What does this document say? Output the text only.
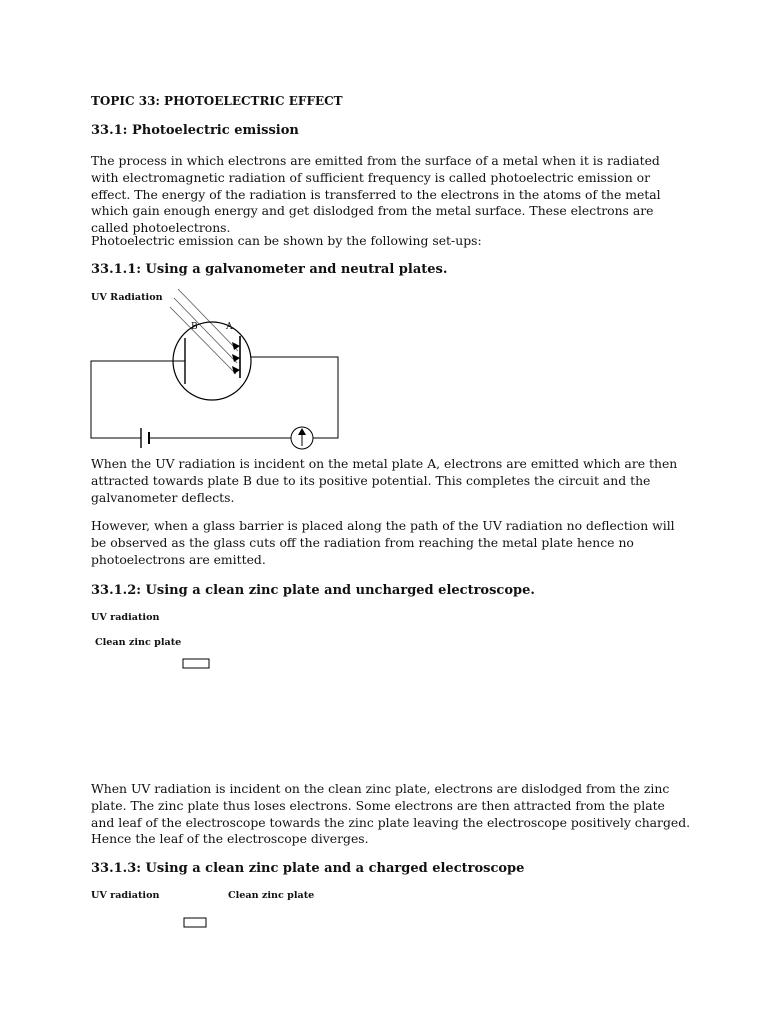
TOPIC 33: PHOTOELECTRIC EFFECT

33.1: Photoelectric emission

The process in which electrons are emitted from the surface of a metal when it is radiated with electromagnetic radiation of sufficient frequency is called photoelectric emission or effect. The energy of the radiation is transferred to the electrons in the atoms of the metal which gain enough energy and get dislodged from the metal surface. These electrons are called photoelectrons.

Photoelectric emission can be shown by the following set-ups:

33.1.1: Using a galvanometer and neutral plates.

UV Radiation
B	A

When the UV radiation is incident on the metal plate A, electrons are emitted which are then attracted towards plate B due to its positive potential. This completes the circuit and the galvanometer deflects.

However, when a glass barrier is placed along the path of the UV radiation no deflection will be observed as the glass cuts off the radiation from reaching the metal plate hence no photoelectrons are emitted.

33.1.2: Using a clean zinc plate and uncharged electroscope.

UV radiation
Clean zinc plate

When UV radiation is incident on the clean zinc plate, electrons are dislodged from the zinc plate. The zinc plate thus loses electrons. Some electrons are then attracted from the plate and leaf of the electroscope towards the zinc plate leaving the electroscope positively charged. Hence the leaf of the electroscope diverges.

33.1.3: Using a clean zinc plate and a charged electroscope

UV radiation	Clean zinc plate
